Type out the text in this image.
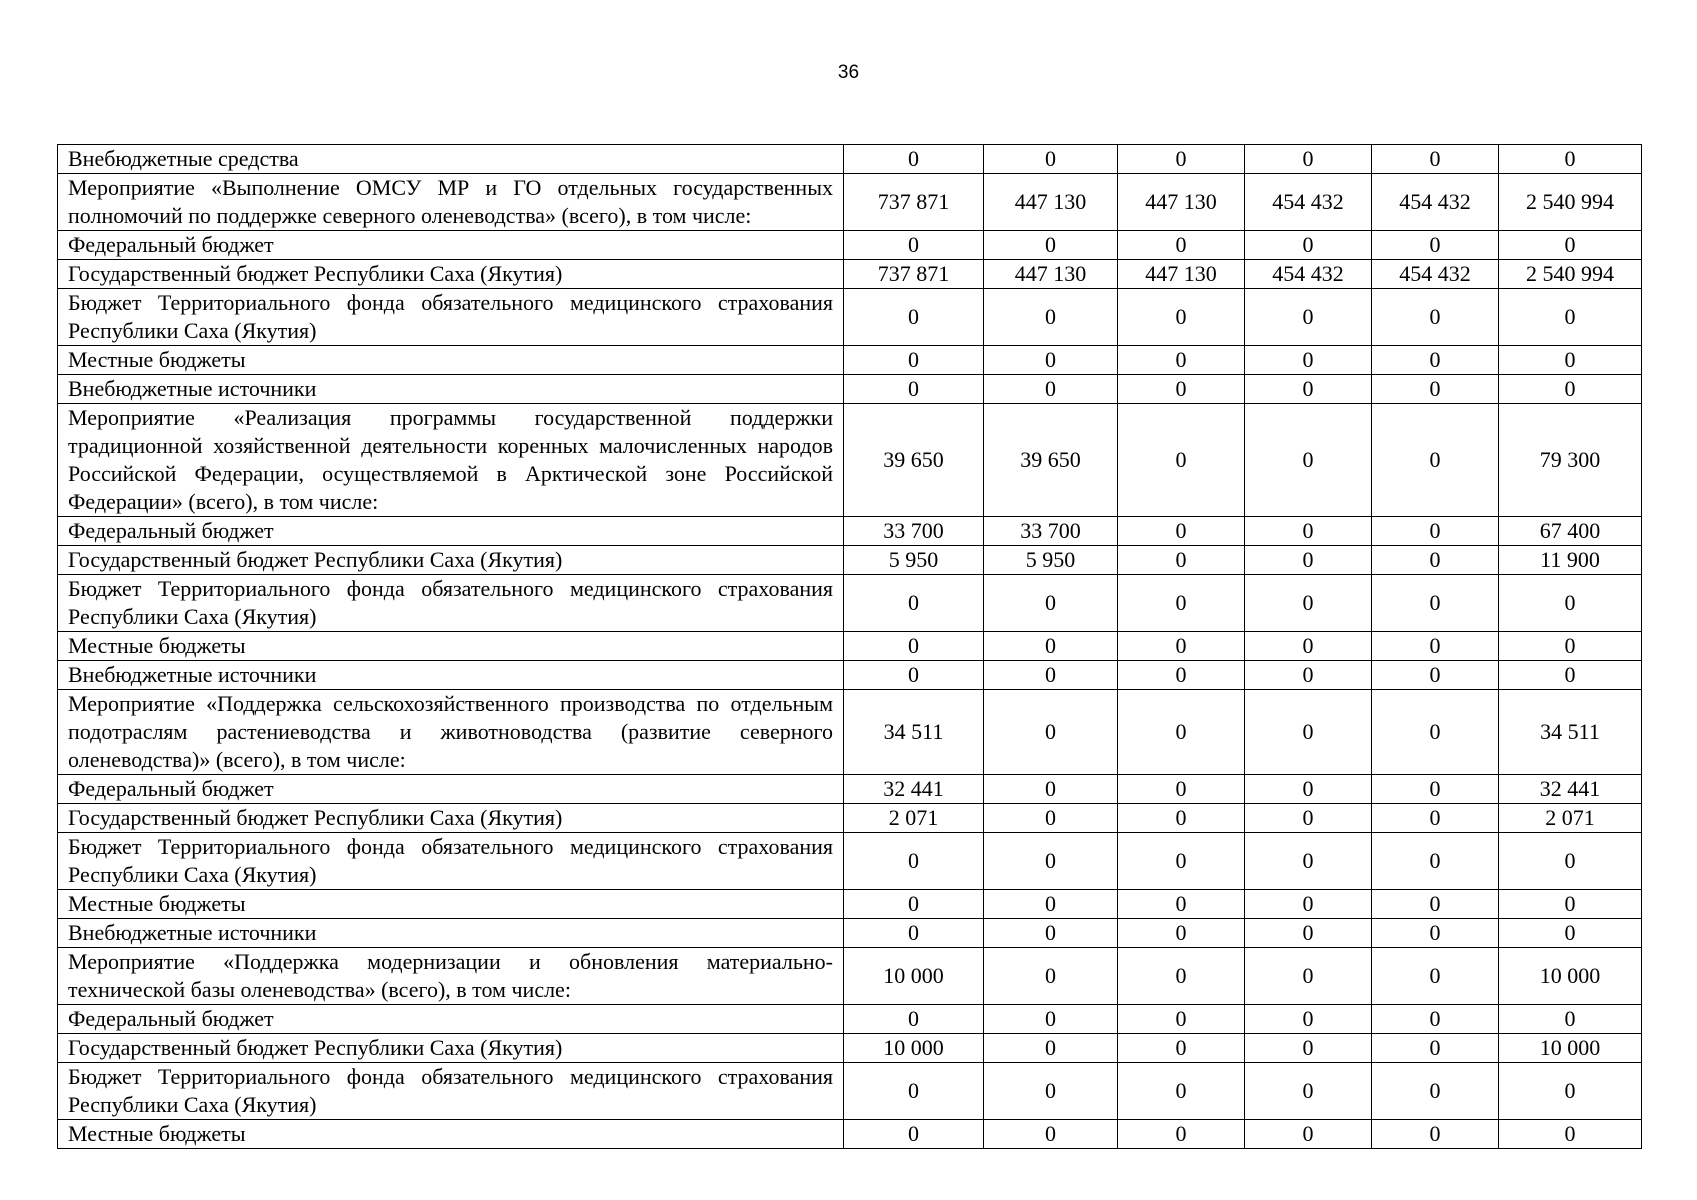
36
Внебюджетные средства	0	0	0	0	0	0
Мероприятие «Выполнение ОМСУ МР и ГО отдельных государственных полномочий по поддержке северного оленеводства» (всего), в том числе:	737 871	447 130	447 130	454 432	454 432	2 540 994
Федеральный бюджет	0	0	0	0	0	0
Государственный бюджет Республики Саха (Якутия)	737 871	447 130	447 130	454 432	454 432	2 540 994
Бюджет Территориального фонда обязательного медицинского страхования Республики Саха (Якутия)	0	0	0	0	0	0
Местные бюджеты	0	0	0	0	0	0
Внебюджетные источники	0	0	0	0	0	0
Мероприятие «Реализация программы государственной поддержки традиционной хозяйственной деятельности коренных малочисленных народов Российской Федерации, осуществляемой в Арктической зоне Российской Федерации» (всего), в том числе:	39 650	39 650	0	0	0	79 300
Федеральный бюджет	33 700	33 700	0	0	0	67 400
Государственный бюджет Республики Саха (Якутия)	5 950	5 950	0	0	0	11 900
Бюджет Территориального фонда обязательного медицинского страхования Республики Саха (Якутия)	0	0	0	0	0	0
Местные бюджеты	0	0	0	0	0	0
Внебюджетные источники	0	0	0	0	0	0
Мероприятие «Поддержка сельскохозяйственного производства по отдельным подотраслям растениеводства и животноводства (развитие северного оленеводства)» (всего), в том числе:	34 511	0	0	0	0	34 511
Федеральный бюджет	32 441	0	0	0	0	32 441
Государственный бюджет Республики Саха (Якутия)	2 071	0	0	0	0	2 071
Бюджет Территориального фонда обязательного медицинского страхования Республики Саха (Якутия)	0	0	0	0	0	0
Местные бюджеты	0	0	0	0	0	0
Внебюджетные источники	0	0	0	0	0	0
Мероприятие «Поддержка модернизации и обновления материально-технической базы оленеводства» (всего), в том числе:	10 000	0	0	0	0	10 000
Федеральный бюджет	0	0	0	0	0	0
Государственный бюджет Республики Саха (Якутия)	10 000	0	0	0	0	10 000
Бюджет Территориального фонда обязательного медицинского страхования Республики Саха (Якутия)	0	0	0	0	0	0
Местные бюджеты	0	0	0	0	0	0
